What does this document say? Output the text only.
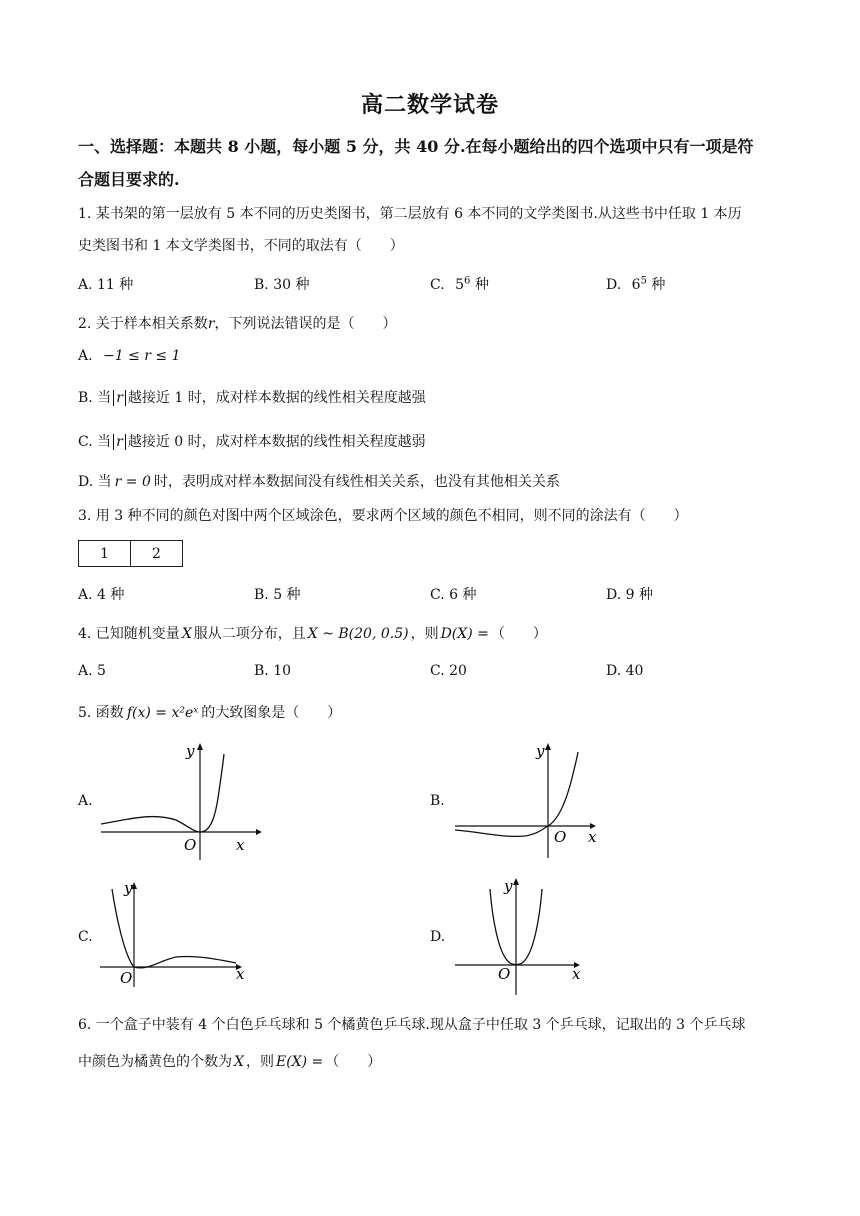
高二数学试卷
一、选择题：本题共 8 小题，每小题 5 分，共 40 分.在每小题给出的四个选项中只有一项是符
合题目要求的.
1. 某书架的第一层放有 5 本不同的历史类图书，第二层放有 6 本不同的文学类图书.从这些书中任取 1 本历
史类图书和 1 本文学类图书，不同的取法有（　　）
A. 11 种	B. 30 种	C. $5^6$ 种	D. $6^5$ 种
2. 关于样本相关系数r，下列说法错误的是（　　）
A. −1 ≤ r ≤ 1
B. 当 r 越接近 1 时，成对样本数据的线性相关程度越强
C. 当 r 越接近 0 时，成对样本数据的线性相关程度越弱
D. 当 r = 0 时，表明成对样本数据间没有线性相关关系，也没有其他相关关系
3. 用 3 种不同的颜色对图中两个区域涂色，要求两个区域的颜色不相同，则不同的涂法有（　　）
1	2
A. 4 种	B. 5 种	C. 6 种	D. 9 种
4. 已知随机变量 X 服从二项分布，且 X ~ B(20, 0.5) ，则 D(X) = （　　）
A. 5	B. 10	C. 20	D. 40
5. 函数 f(x) = x²eˣ 的大致图象是（　　）
A.	B.
C.	D.
O	x
y
O x
y
O	x
y
O	x
y
6. 一个盒子中装有 4 个白色乒乓球和 5 个橘黄色乒乓球.现从盒子中任取 3 个乒乓球，记取出的 3 个乒乓球
中颜色为橘黄色的个数为 X ，则 E(X) = （　　）
